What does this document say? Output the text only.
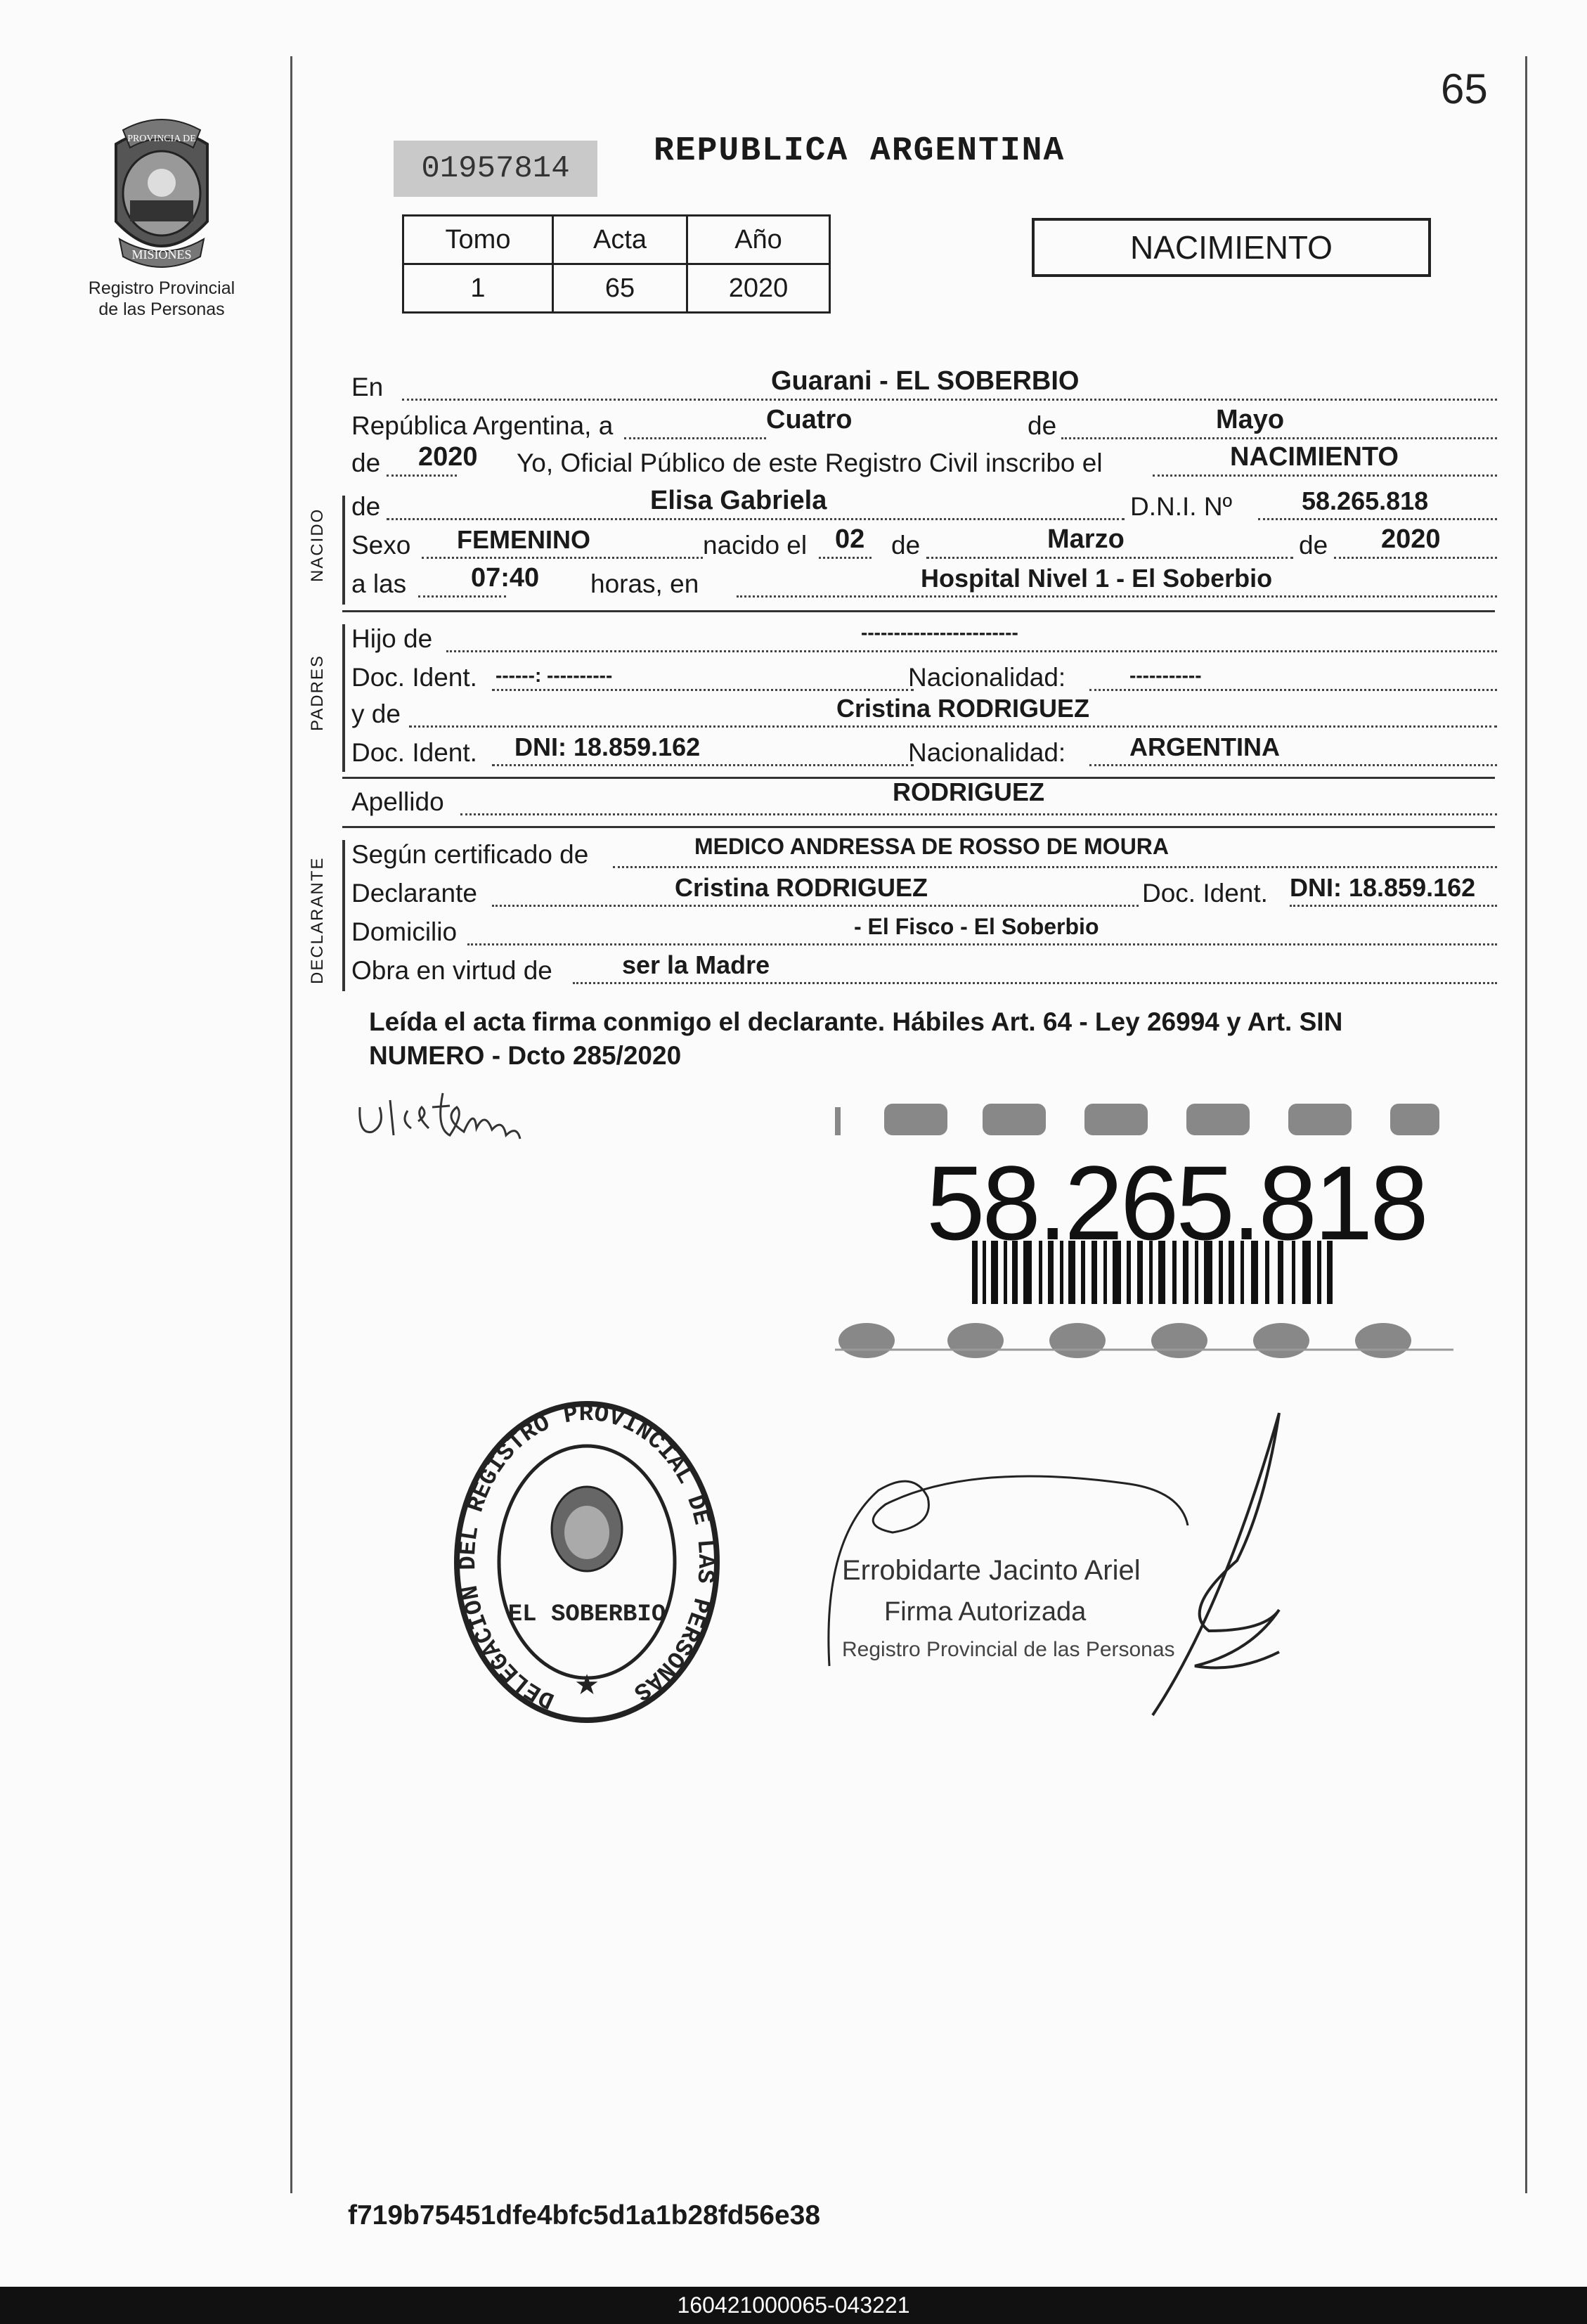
PROVINCIA DE
MISIONES
Registro Provincial
de las Personas
65
01957814	REPUBLICA ARGENTINA
Tomo	Acta	Año
1	65	2020
NACIMIENTO
En	Guarani - EL SOBERBIO
República Argentina, a	Cuatro	de	Mayo
de 2020 Yo, Oficial Público de este Registro Civil inscribo el	NACIMIENTO
NACIDO
de	Elisa Gabriela	D.N.I. Nº	58.265.818
Sexo FEMENINO	nacido el 02 de	Marzo	de 2020
a las 07:40 horas, en	Hospital Nivel 1 - El Soberbio
PADRES
Hijo de	------------------------
Doc. Ident. ------: ----------	Nacionalidad:	-----------
y de	Cristina RODRIGUEZ
Doc. Ident. DNI: 18.859.162	Nacionalidad:	ARGENTINA
Apellido	RODRIGUEZ
DECLARANTE
Según certificado de	MEDICO ANDRESSA DE ROSSO DE MOURA
Declarante	Cristina RODRIGUEZ	Doc. Ident. DNI: 18.859.162
Domicilio	- El Fisco - El Soberbio
Obra en virtud de	ser la Madre
Leída el acta firma conmigo el declarante. Hábiles Art. 64 - Ley 26994 y Art. SIN
NUMERO - Dcto 285/2020
58.265.818
DELEGACION DEL REGISTRO PROVINCIAL DE LAS PERSONAS
EL SOBERBIO
★
Errobidarte Jacinto Ariel
Firma Autorizada
Registro Provincial de las Personas
f719b75451dfe4bfc5d1a1b28fd56e38
160421000065-043221
